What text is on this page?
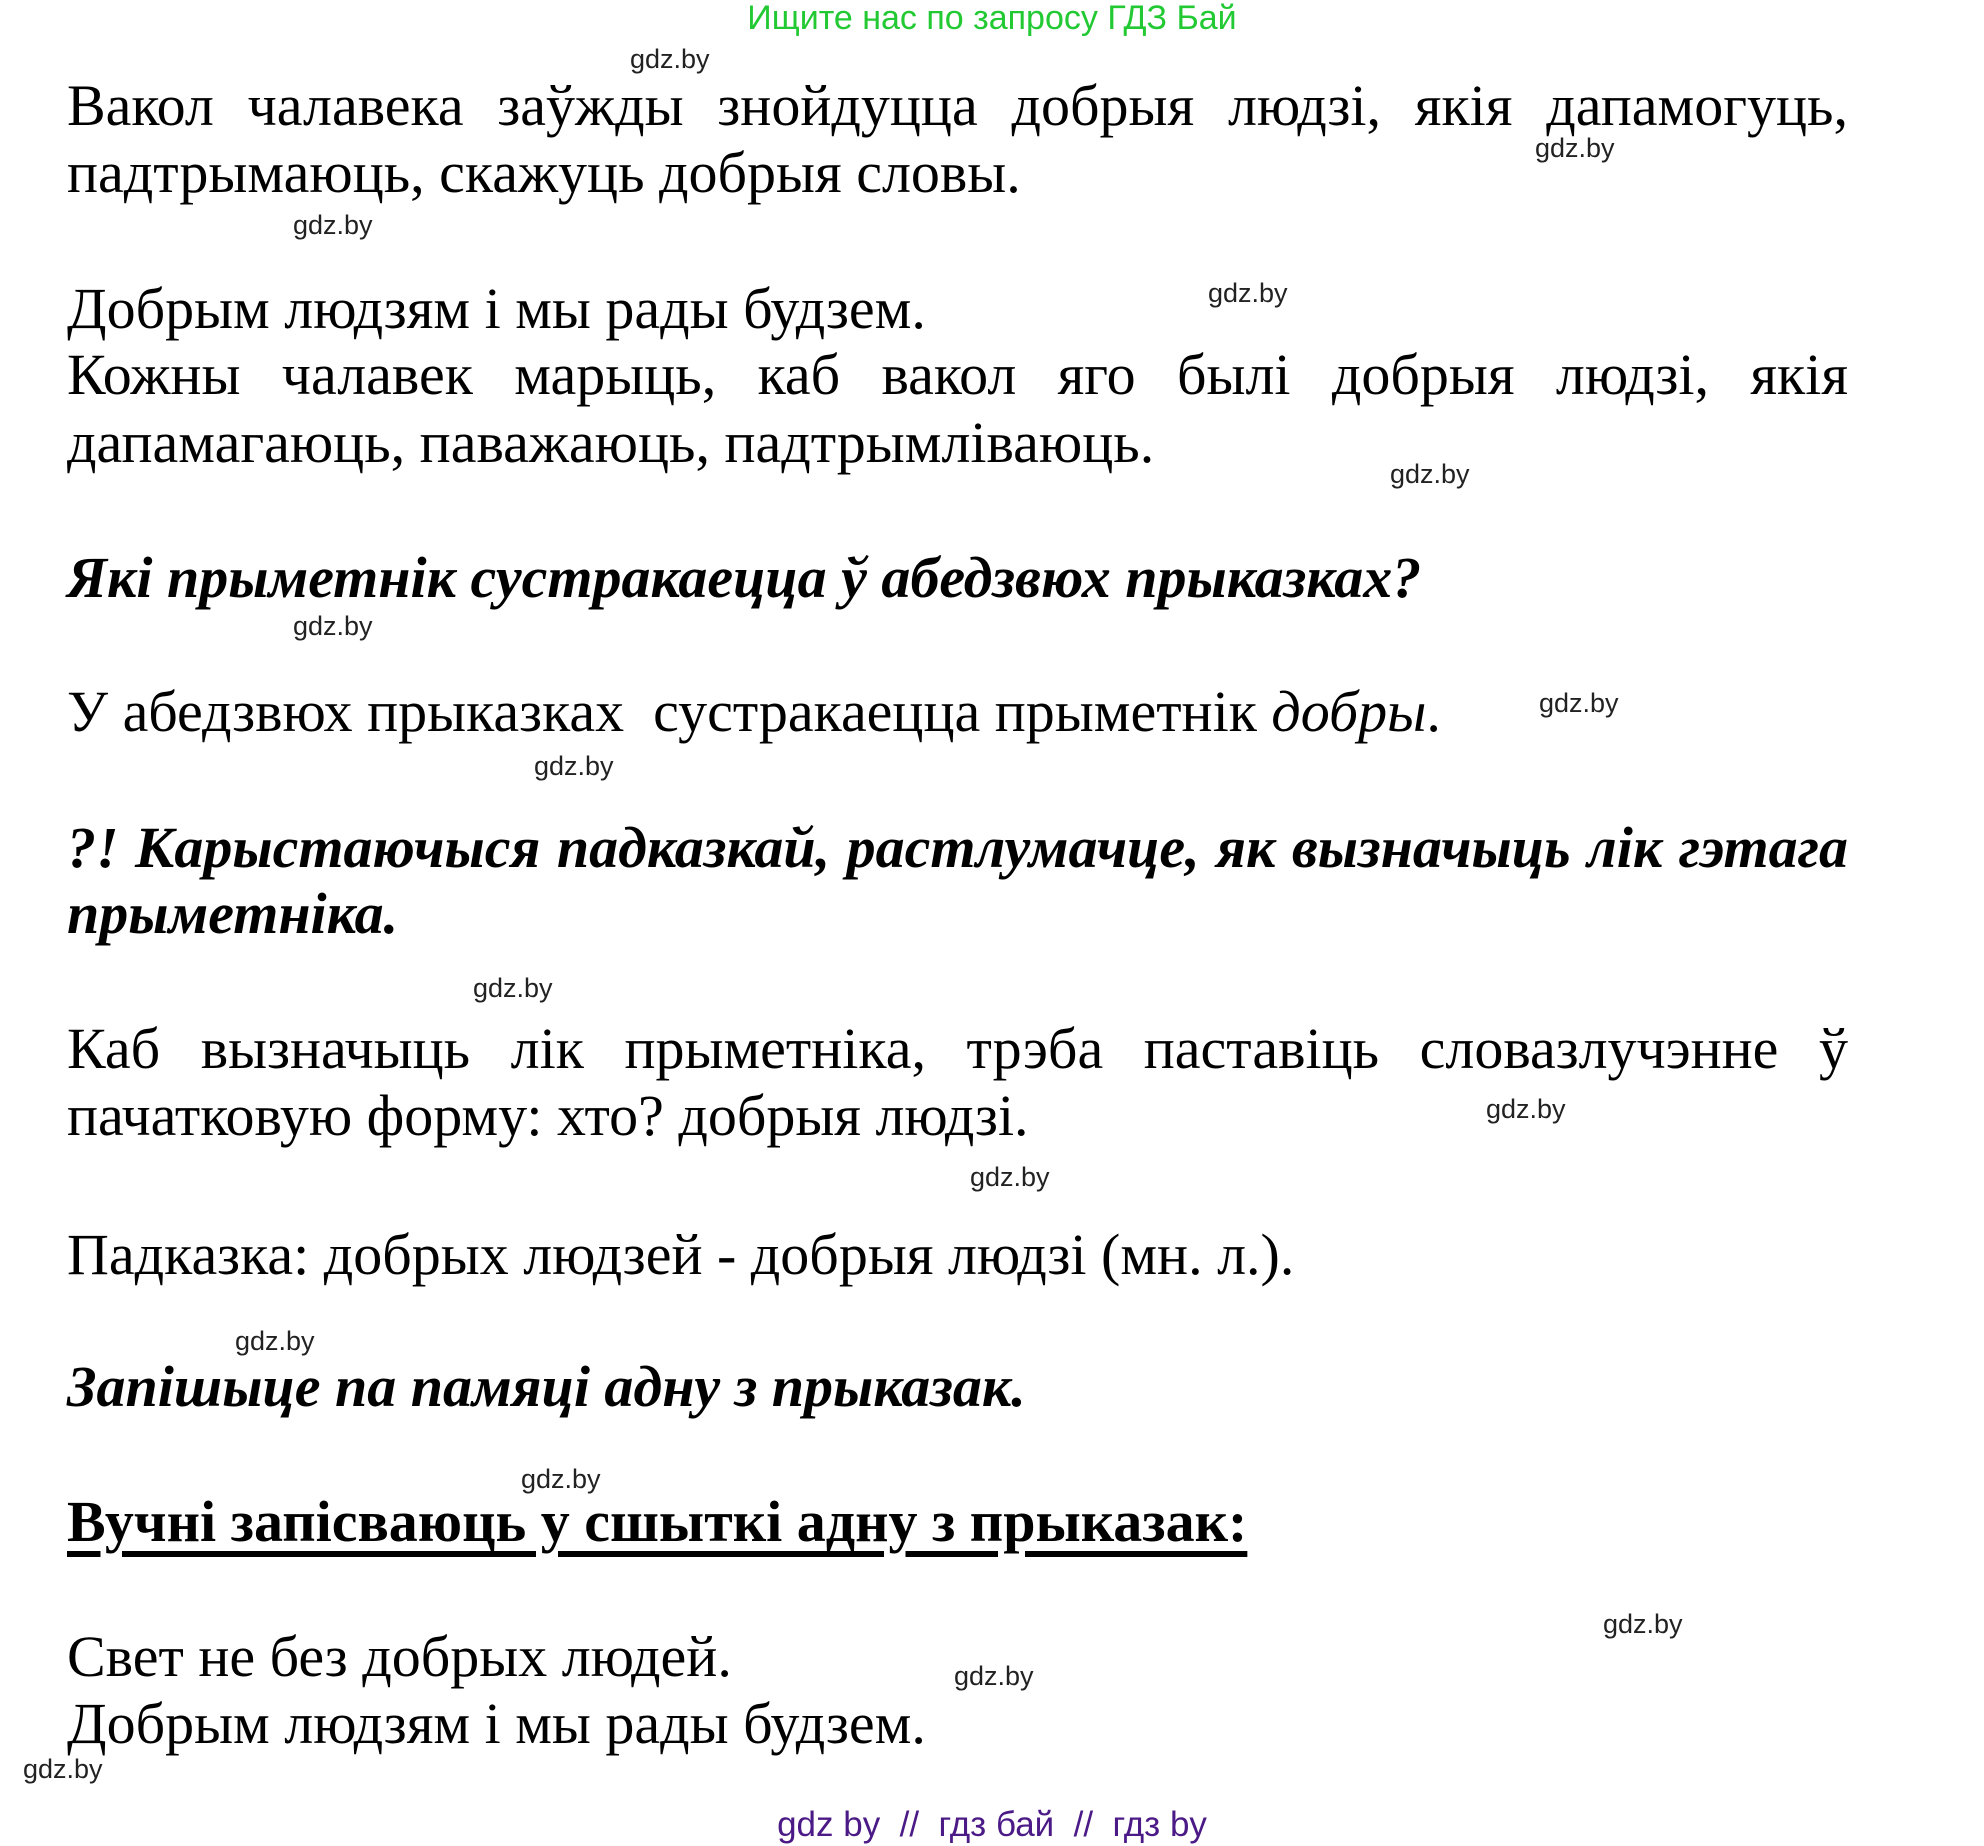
Ищите нас по запросу ГДЗ Бай
Вакол чалавека заўжды знойдуцца добрыя людзі, якія дапамогуць,
падтрымаюць, скажуць добрыя словы.
Добрым людзям і мы рады будзем.
Кожны чалавек марыць, каб вакол яго былі добрыя людзі, якія
дапамагаюць, паважаюць, падтрымліваюць.
Які прыметнік сустракаецца ў абедзвюх прыказках?
У абедзвюх прыказках  сустракаецца прыметнік добры.
?! Карыстаючыся падказкай, растлумачце, як вызначыць лік гэтага
прыметніка.
Каб вызначыць лік прыметніка, трэба паставіць словазлучэнне ў
пачатковую форму: хто? добрыя людзі.
Падказка: добрых людзей - добрыя людзі (мн. л.).
Запішыце па памяці адну з прыказак.
Вучні запісваюць у сшыткі адну з прыказак:
Свет не без добрых людей.
Добрым людзям і мы рады будзем.
gdz.by
gdz.by
gdz.by
gdz.by
gdz.by
gdz.by
gdz.by
gdz.by
gdz.by
gdz.by
gdz.by
gdz.by
gdz.by
gdz.by
gdz.by
gdz.by
gdz by  //  гдз бай  //  гдз by
